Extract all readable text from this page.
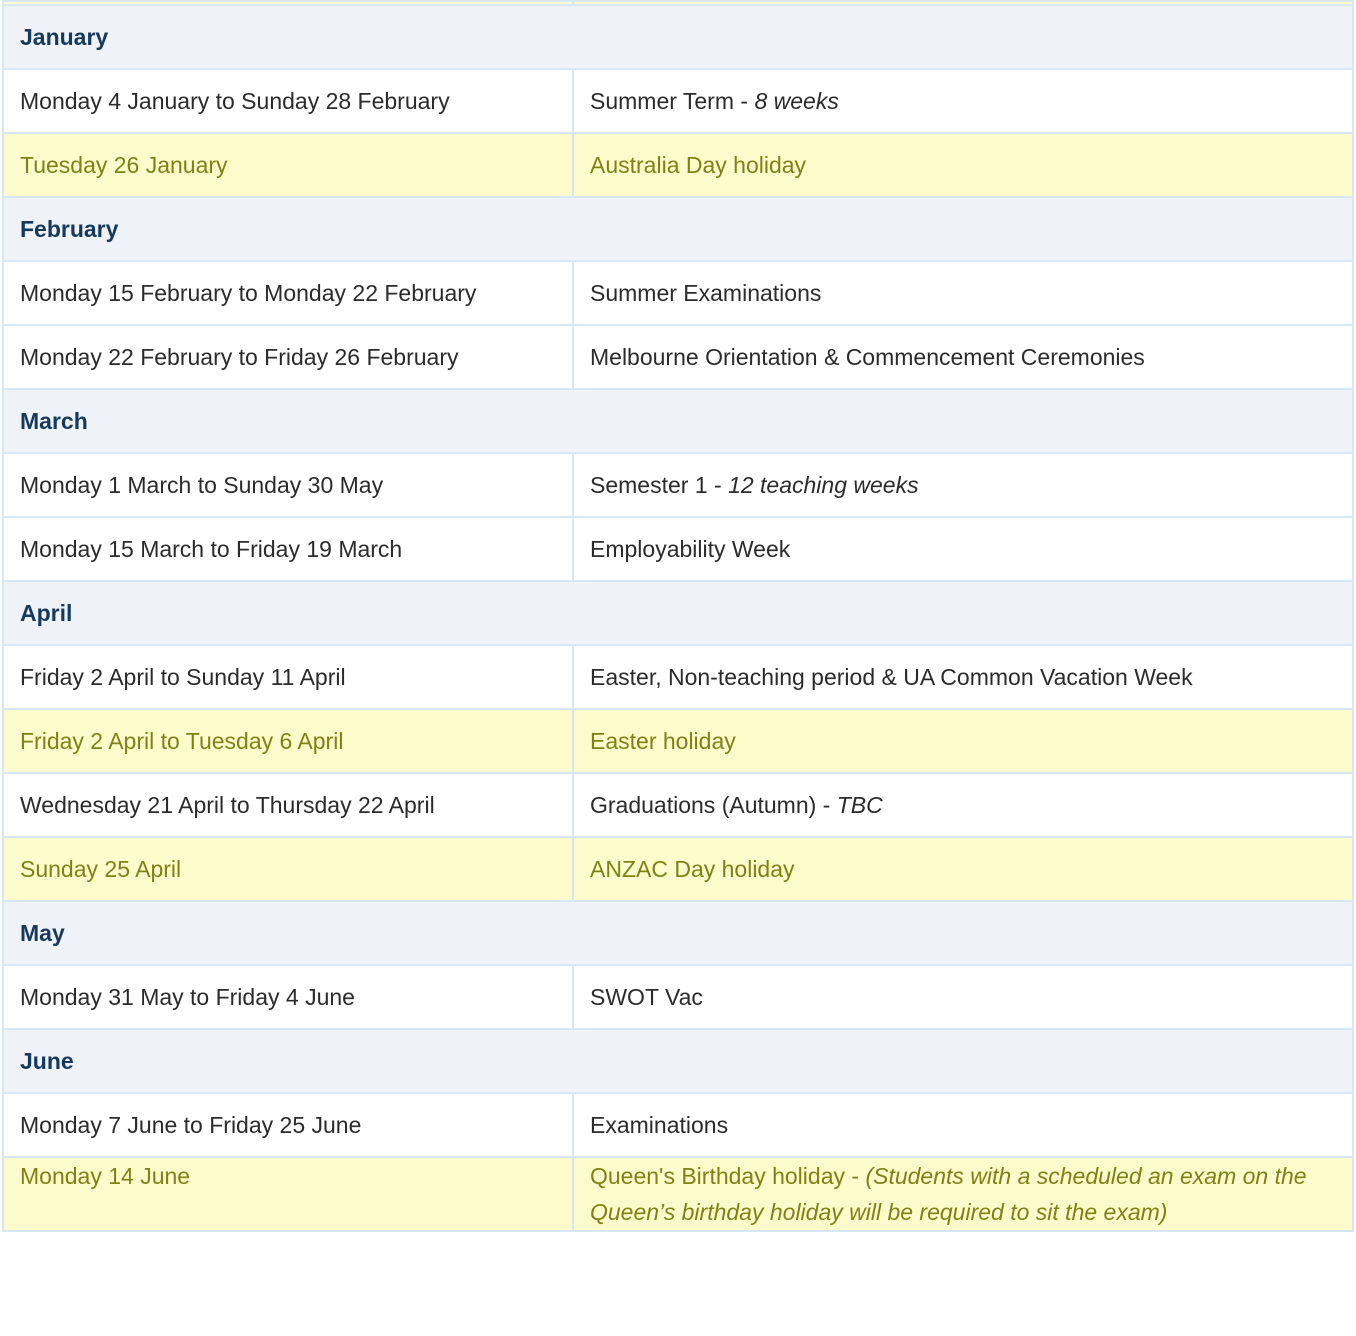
January	
Monday 4 January to Sunday 28 February	Summer Term - 8 weeks
Tuesday 26 January	Australia Day holiday
February	
Monday 15 February to Monday 22 February	Summer Examinations
Monday 22 February to Friday 26 February	Melbourne Orientation & Commencement Ceremonies
March	
Monday 1 March to Sunday 30 May	Semester 1 - 12 teaching weeks
Monday 15 March to Friday 19 March	Employability Week
April	
Friday 2 April to Sunday 11 April	Easter, Non-teaching period & UA Common Vacation Week
Friday 2 April to Tuesday 6 April	Easter holiday
Wednesday 21 April to Thursday 22 April	Graduations (Autumn) - TBC
Sunday 25 April	ANZAC Day holiday
May	
Monday 31 May to Friday 4 June	SWOT Vac
June	
Monday 7 June to Friday 25 June	Examinations
Monday 14 June	Queen's Birthday holiday - (Students with a scheduled an exam on the Queen’s birthday holiday will be required to sit the exam)
